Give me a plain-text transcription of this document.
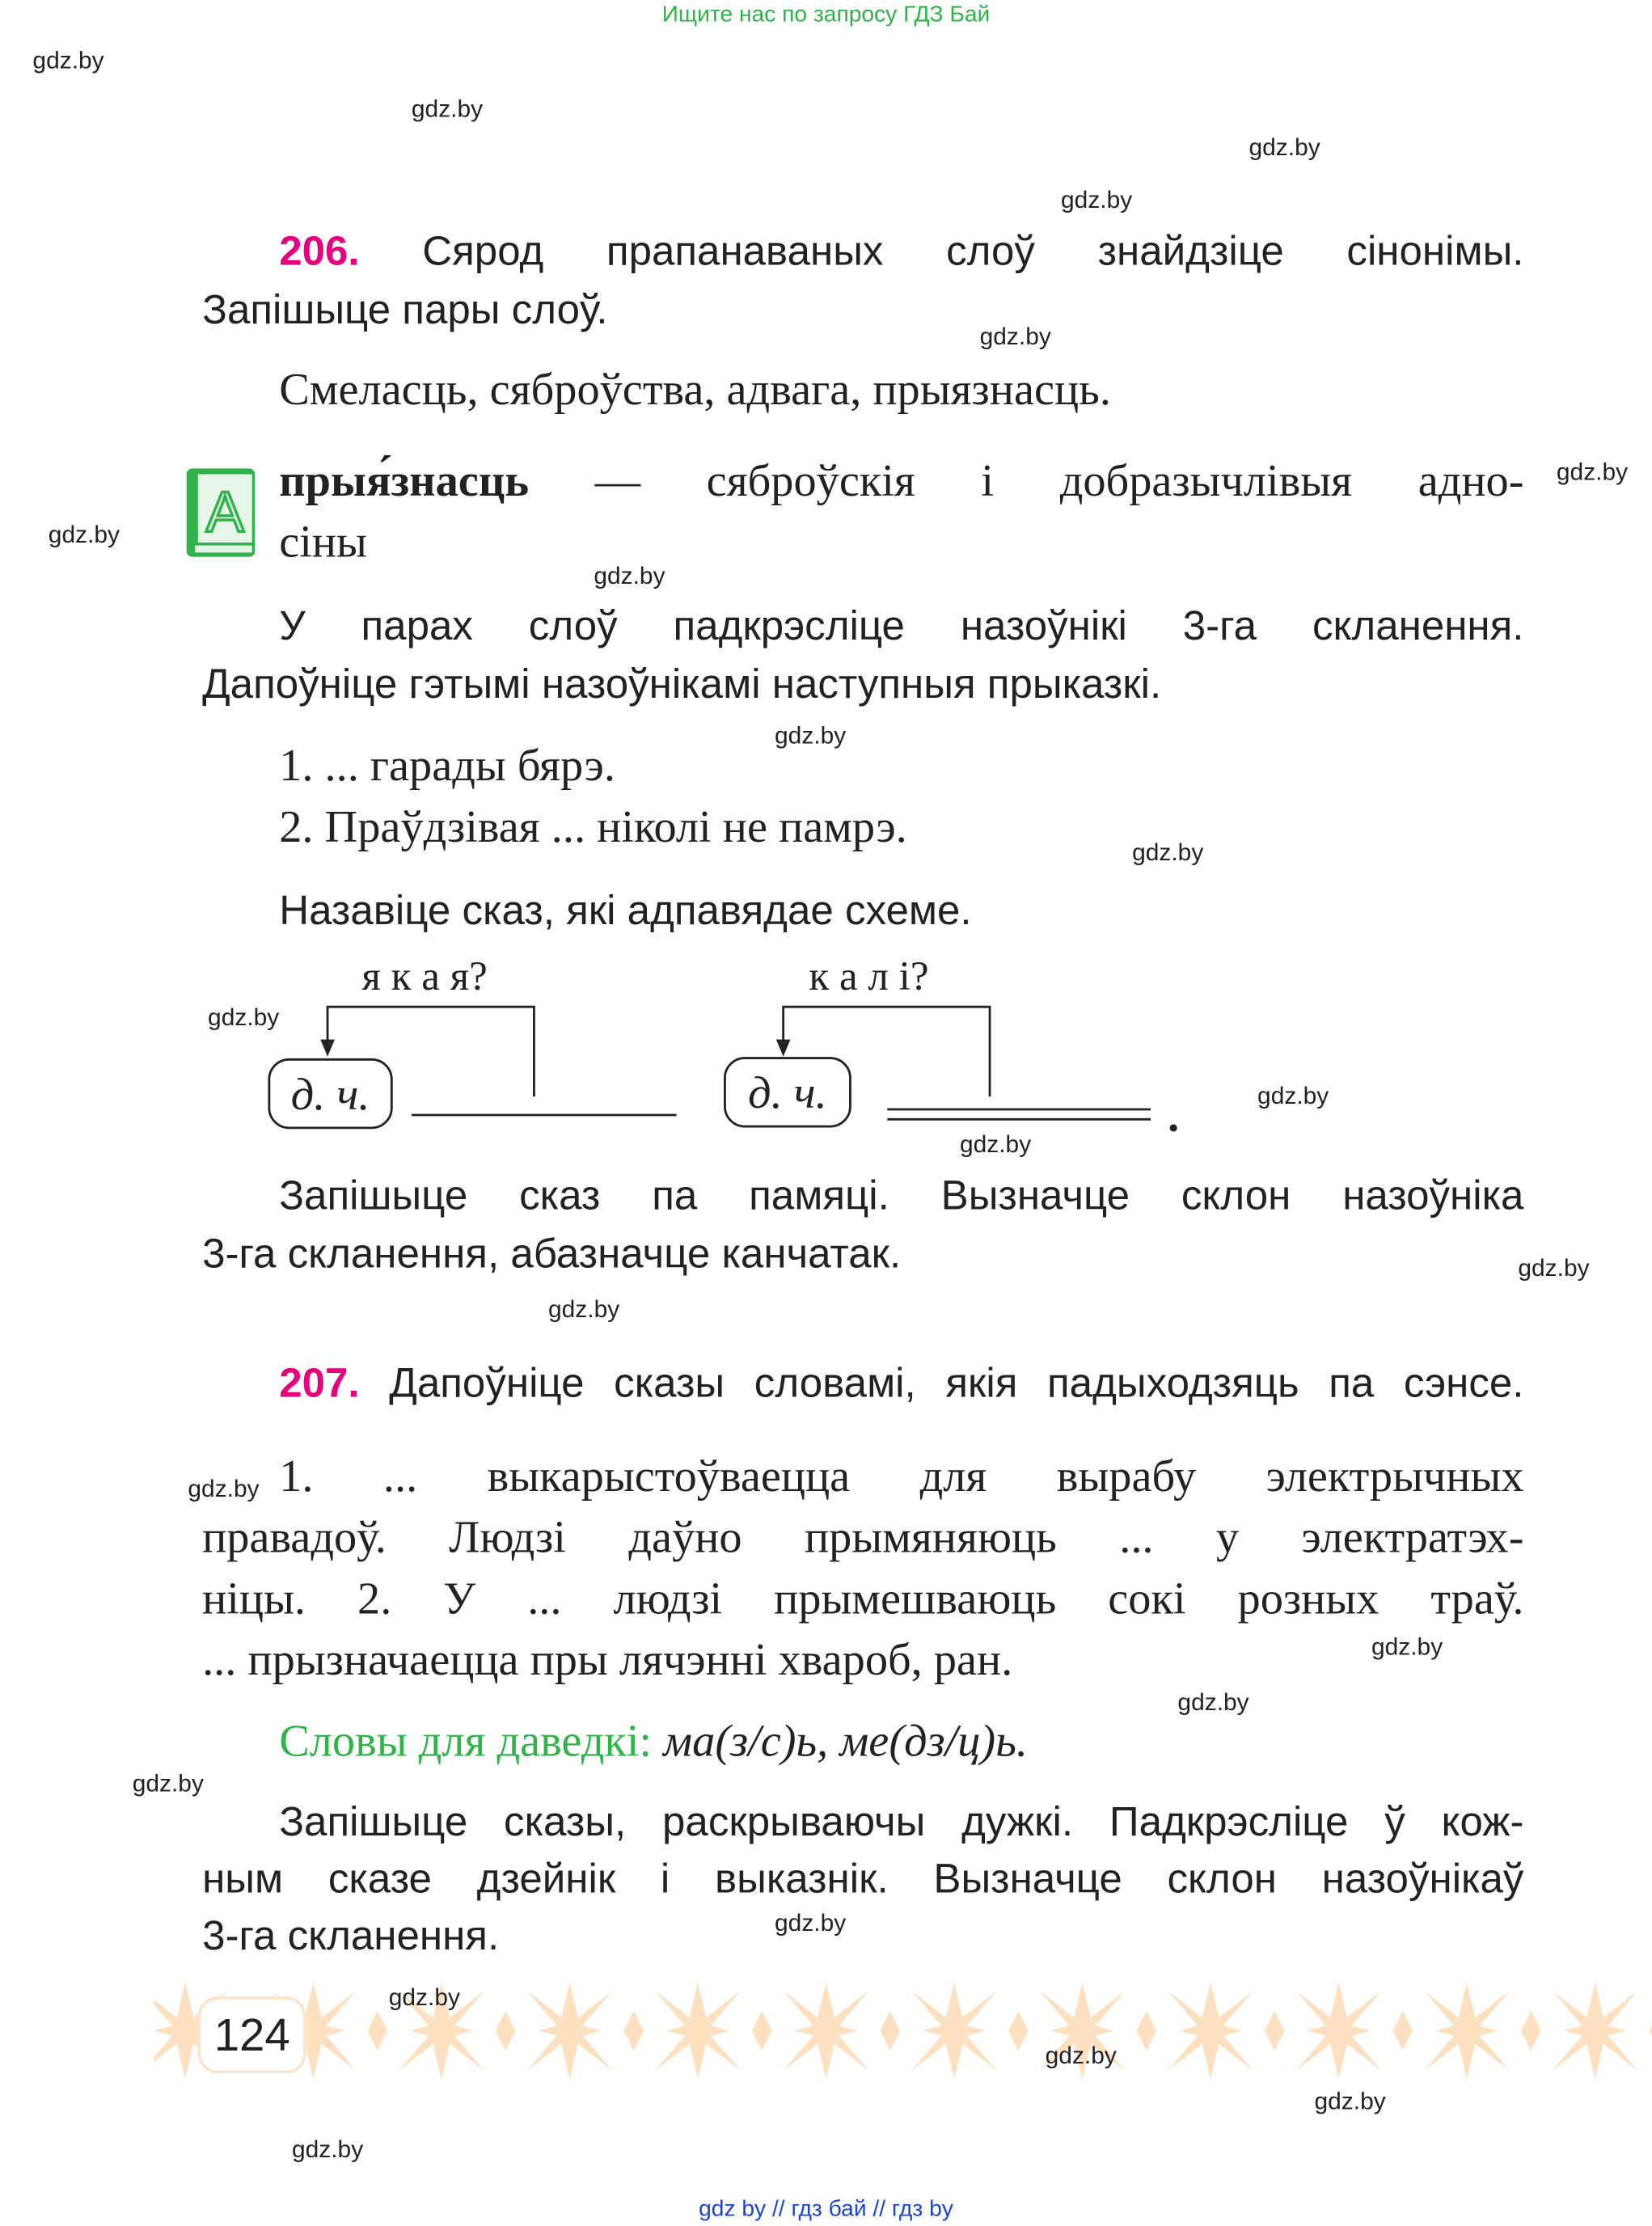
Ищите нас по запросу ГДЗ Бай
206.	Сярод прапанаваных слоў знайдзіце сінонімы.
Запішыце пары слоў.
Смеласць, сяброўства, адвага, прыязнасць.
А прыя́знасць	— сяброўскія і добразычлівыя адно-
сіны
У парах слоў падкрэсліце назоўнікі 3-га скланення.
Дапоўніце гэтымі назоўнікамі наступныя прыказкі.
1. ... гарады бярэ.
2. Праўдзівая ... ніколі не памрэ.
Назавіце сказ, які адпавядае схеме.
я к а я?	к а л і?
д. ч.	д. ч.	.
Запішыце сказ па памяці. Вызначце склон назоўніка
3-га скланення, абазначце канчатак.
207. Дапоўніце сказы словамі, якія падыходзяць па сэнсе.
1. ... выкарыстоўваецца для вырабу электрычных
правадоў. Людзі даўно прымяняюць ... у электратэх-
ніцы. 2. У ... людзі прымешваюць сокі розных траў.
... прызначаецца пры лячэнні хвароб, ран.
Словы для даведкі: ма(з/с)ь, ме(дз/ц)ь.
Запішыце сказы, раскрываючы дужкі. Падкрэсліце ў кож-
ным сказе дзейнік і выказнік. Вызначце склон назоўнікаў
3-га скланення.
124
gdz by // гдз бай // гдз by
gdz.by
gdz.by
gdz.by
gdz.by
gdz.by
gdz.by
gdz.by
gdz.by
gdz.by
gdz.by
gdz.by
gdz.by
gdz.by
gdz.by
gdz.by
gdz.by
gdz.by
gdz.by
gdz.by
gdz.by
gdz.by
gdz.by
gdz.by
gdz.by
